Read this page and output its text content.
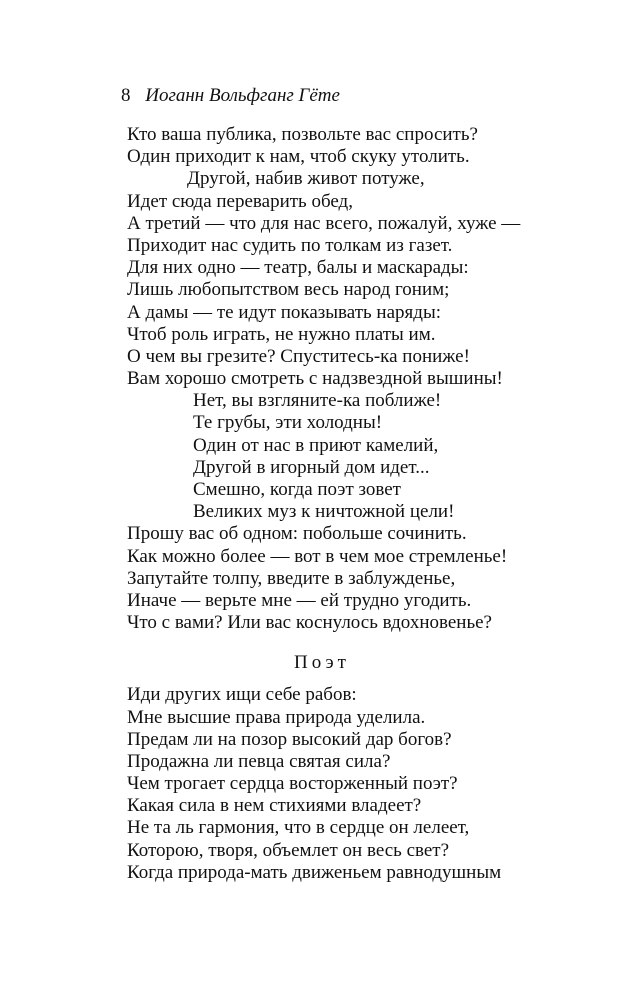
8 Иоганн Вольфганг Гёте
Кто ваша публика, позвольте вас спросить?
Один приходит к нам, чтоб скуку утолить.
Другой, набив живот потуже,
Идет сюда переварить обед,
А третий — что для нас всего, пожалуй, хуже —
Приходит нас судить по толкам из газет.
Для них одно — театр, балы и маскарады:
Лишь любопытством весь народ гоним;
А дамы — те идут показывать наряды:
Чтоб роль играть, не нужно платы им.
О чем вы грезите? Спуститесь-ка пониже!
Вам хорошо смотреть с надзвездной вышины!
Нет, вы взгляните-ка поближе!
Те грубы, эти холодны!
Один от нас в приют камелий,
Другой в игорный дом идет...
Смешно, когда поэт зовет
Великих муз к ничтожной цели!
Прошу вас об одном: побольше сочинить.
Как можно более — вот в чем мое стремленье!
Запутайте толпу, введите в заблужденье,
Иначе — верьте мне — ей трудно угодить.
Что с вами? Или вас коснулось вдохновенье?
Поэт
Иди других ищи себе рабов:
Мне высшие права природа уделила.
Предам ли на позор высокий дар богов?
Продажна ли певца святая сила?
Чем трогает сердца восторженный поэт?
Какая сила в нем стихиями владеет?
Не та ль гармония, что в сердце он лелеет,
Которою, творя, объемлет он весь свет?
Когда природа-мать движеньем равнодушным
